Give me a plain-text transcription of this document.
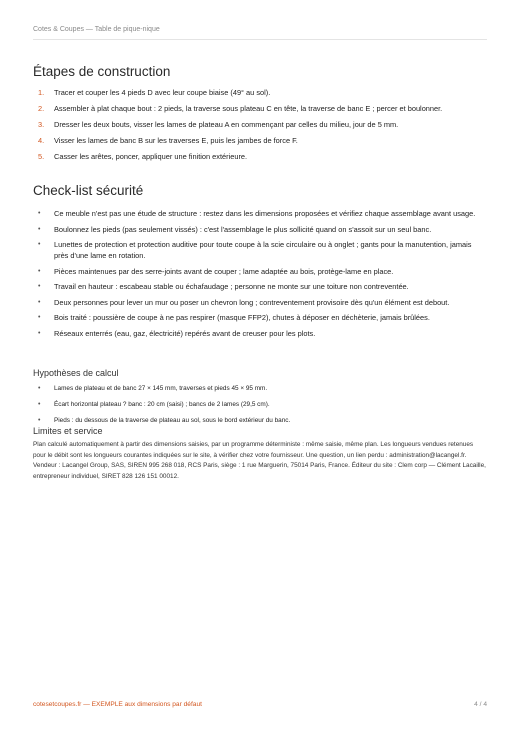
Cotes & Coupes — Table de pique-nique
Étapes de construction
1. Tracer et couper les 4 pieds D avec leur coupe biaise (49° au sol).
2. Assembler à plat chaque bout : 2 pieds, la traverse sous plateau C en tête, la traverse de banc E ; percer et boulonner.
3. Dresser les deux bouts, visser les lames de plateau A en commençant par celles du milieu, jour de 5 mm.
4. Visser les lames de banc B sur les traverses E, puis les jambes de force F.
5. Casser les arêtes, poncer, appliquer une finition extérieure.
Check-list sécurité
• Ce meuble n'est pas une étude de structure : restez dans les dimensions proposées et vérifiez chaque assemblage avant usage.
• Boulonnez les pieds (pas seulement vissés) : c'est l'assemblage le plus sollicité quand on s'assoit sur un seul banc.
• Lunettes de protection et protection auditive pour toute coupe à la scie circulaire ou à onglet ; gants pour la manutention, jamais près d'une lame en rotation.
• Pièces maintenues par des serre-joints avant de couper ; lame adaptée au bois, protège-lame en place.
• Travail en hauteur : escabeau stable ou échafaudage ; personne ne monte sur une toiture non contreventée.
• Deux personnes pour lever un mur ou poser un chevron long ; contreventement provisoire dès qu'un élément est debout.
• Bois traité : poussière de coupe à ne pas respirer (masque FFP2), chutes à déposer en déchèterie, jamais brûlées.
• Réseaux enterrés (eau, gaz, électricité) repérés avant de creuser pour les plots.
Hypothèses de calcul
• Lames de plateau et de banc 27 × 145 mm, traverses et pieds 45 × 95 mm.
• Écart horizontal plateau ? banc : 20 cm (saisi) ; bancs de 2 lames (29,5 cm).
• Pieds : du dessous de la traverse de plateau au sol, sous le bord extérieur du banc.
Limites et service

Plan calculé automatiquement à partir des dimensions saisies, par un programme déterministe : même saisie, même plan. Les longueurs vendues retenues pour le débit sont les longueurs courantes indiquées sur le site, à vérifier chez votre fournisseur. Une question, un lien perdu : administration@lacangel.fr. Vendeur : Lacangel Group, SAS, SIREN 995 268 018, RCS Paris, siège : 1 rue Marguerin, 75014 Paris, France. Éditeur du site : Clem corp — Clément Lacaille, entrepreneur individuel, SIRET 828 126 151 00012.

cotesetcoupes.fr — EXEMPLE aux dimensions par défaut	4 / 4
